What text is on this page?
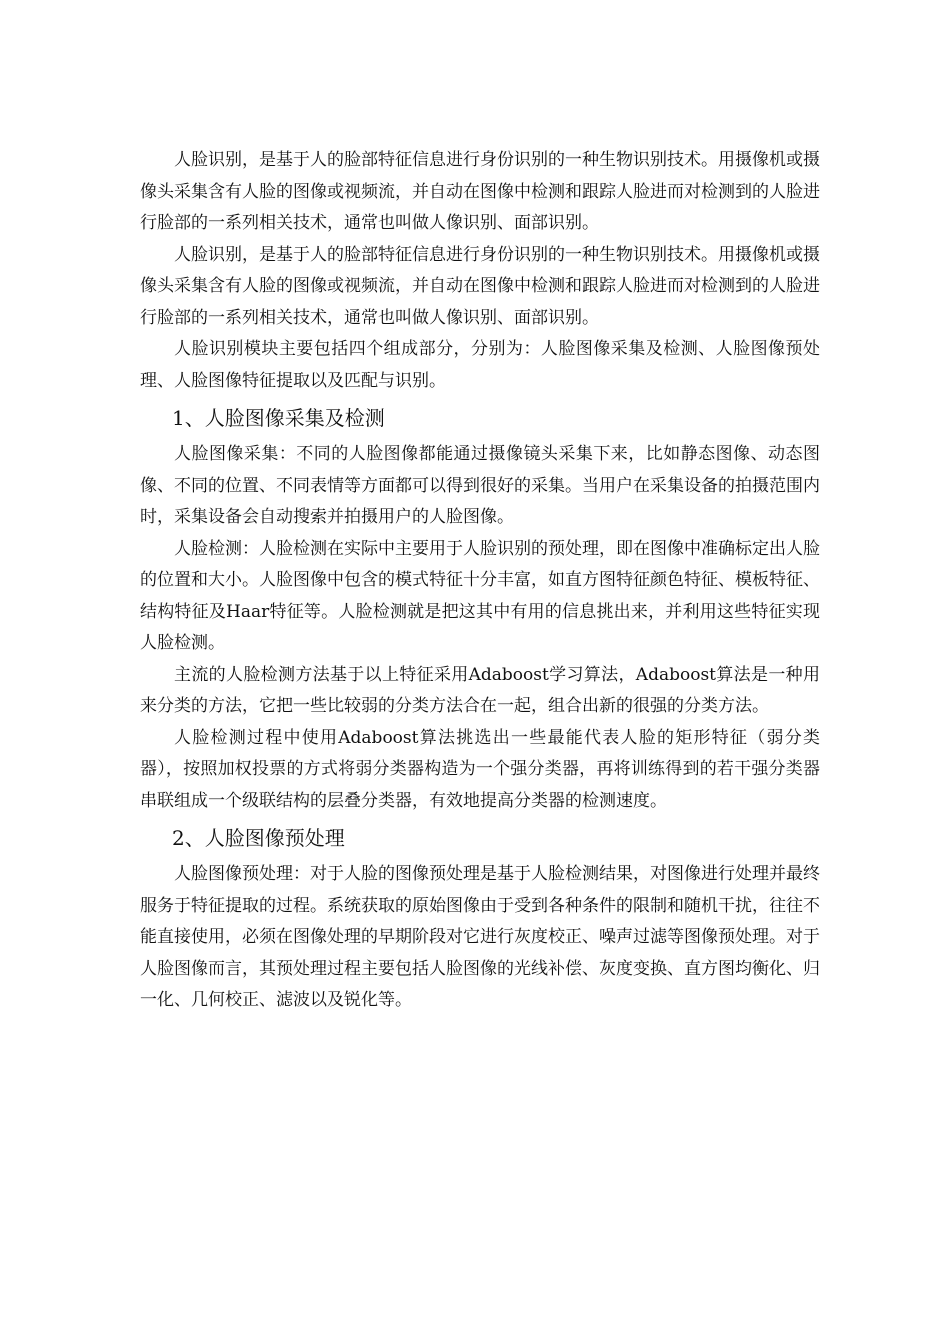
人脸识别，是基于人的脸部特征信息进行身份识别的一种生物识别技术。用摄像机或摄像头采集含有人脸的图像或视频流，并自动在图像中检测和跟踪人脸进而对检测到的人脸进行脸部的一系列相关技术，通常也叫做人像识别、面部识别。

人脸识别，是基于人的脸部特征信息进行身份识别的一种生物识别技术。用摄像机或摄像头采集含有人脸的图像或视频流，并自动在图像中检测和跟踪人脸进而对检测到的人脸进行脸部的一系列相关技术，通常也叫做人像识别、面部识别。

人脸识别模块主要包括四个组成部分，分别为：人脸图像采集及检测、人脸图像预处理、人脸图像特征提取以及匹配与识别。

1、人脸图像采集及检测

人脸图像采集：不同的人脸图像都能通过摄像镜头采集下来，比如静态图像、动态图像、不同的位置、不同表情等方面都可以得到很好的采集。当用户在采集设备的拍摄范围内时，采集设备会自动搜索并拍摄用户的人脸图像。

人脸检测：人脸检测在实际中主要用于人脸识别的预处理，即在图像中准确标定出人脸的位置和大小。人脸图像中包含的模式特征十分丰富，如直方图特征颜色特征、模板特征、结构特征及Haar特征等。人脸检测就是把这其中有用的信息挑出来，并利用这些特征实现人脸检测。

主流的人脸检测方法基于以上特征采用Adaboost学习算法，Adaboost算法是一种用来分类的方法，它把一些比较弱的分类方法合在一起，组合出新的很强的分类方法。

人脸检测过程中使用Adaboost算法挑选出一些最能代表人脸的矩形特征（弱分类器），按照加权投票的方式将弱分类器构造为一个强分类器，再将训练得到的若干强分类器串联组成一个级联结构的层叠分类器，有效地提高分类器的检测速度。

2、人脸图像预处理

人脸图像预处理：对于人脸的图像预处理是基于人脸检测结果，对图像进行处理并最终服务于特征提取的过程。系统获取的原始图像由于受到各种条件的限制和随机干扰，往往不能直接使用，必须在图像处理的早期阶段对它进行灰度校正、噪声过滤等图像预处理。对于人脸图像而言，其预处理过程主要包括人脸图像的光线补偿、灰度变换、直方图均衡化、归一化、几何校正、滤波以及锐化等。
